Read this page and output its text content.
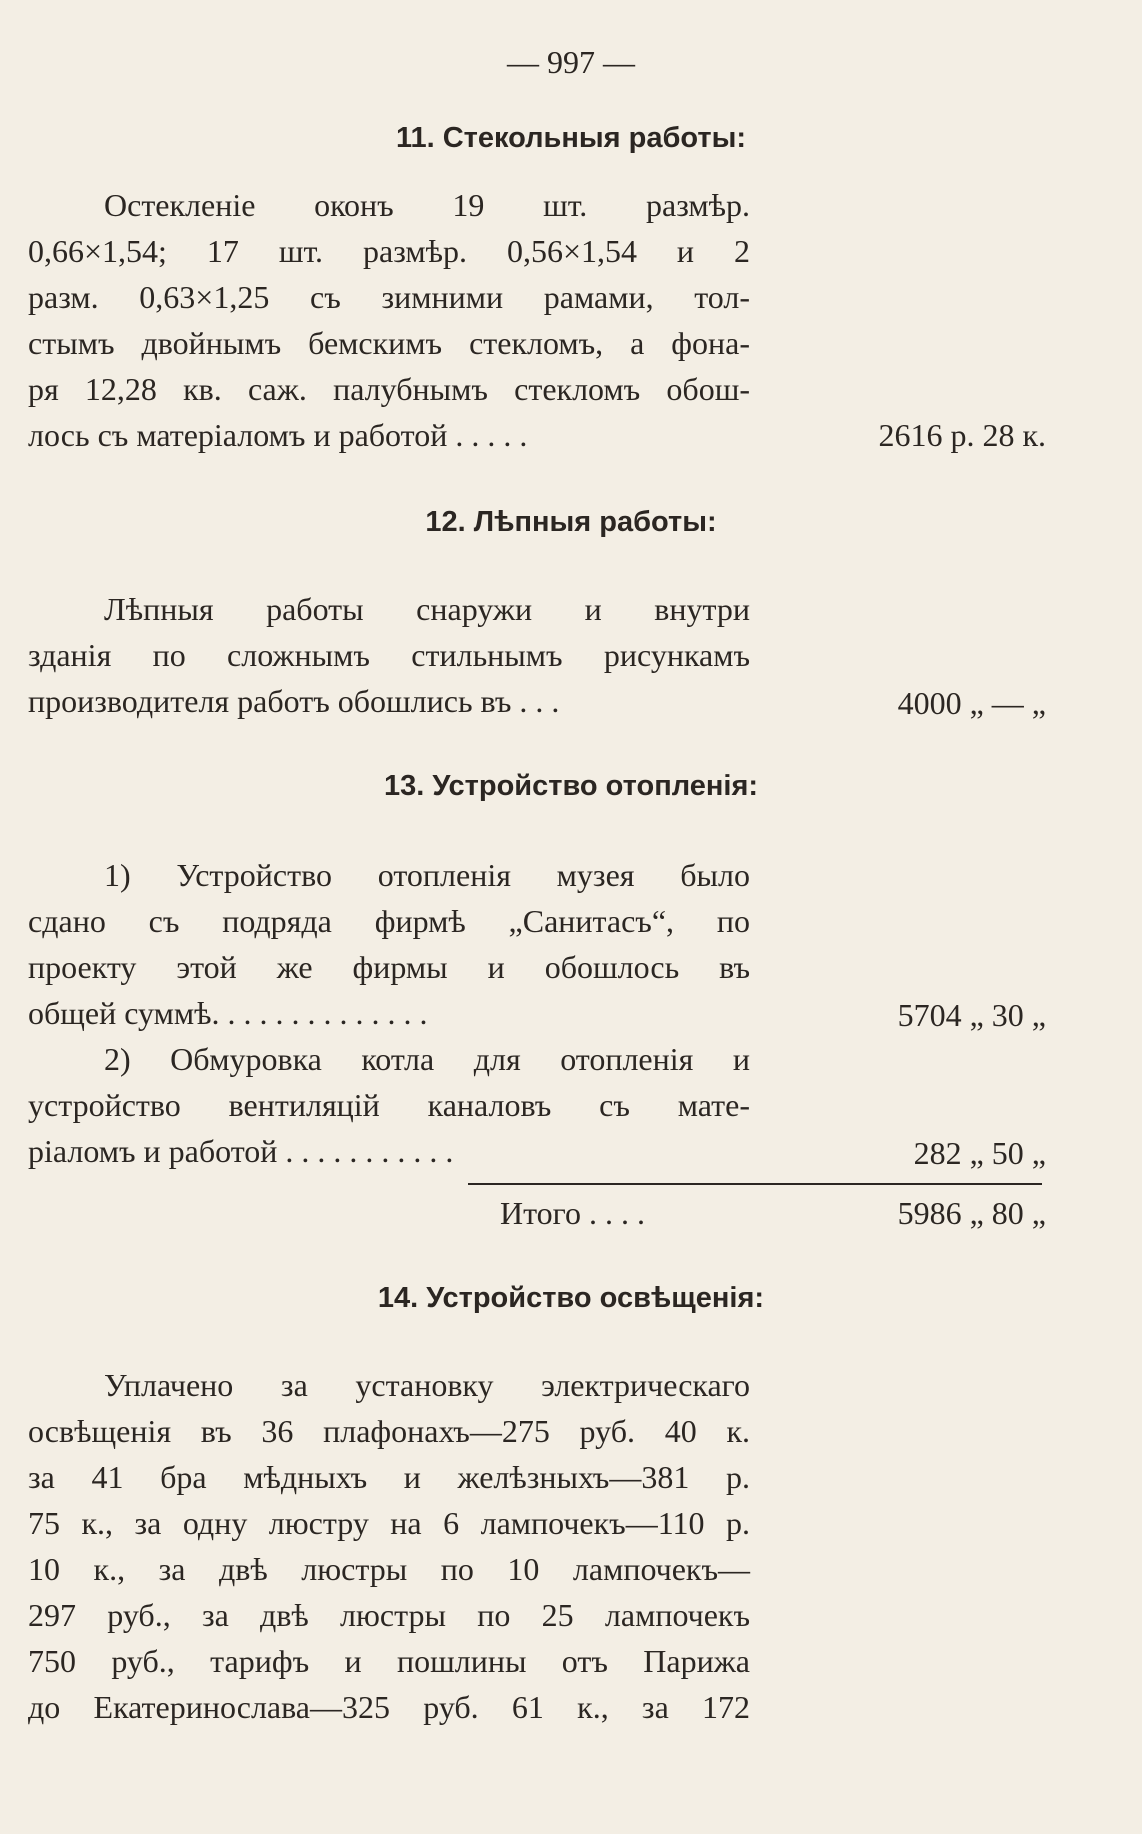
— 997 —
11. Стекольныя работы:
Остекленіе оконъ 19 шт. размѣр.
0,66×1,54; 17 шт. размѣр. 0,56×1,54 и 2
разм. 0,63×1,25 съ зимними рамами, тол-
стымъ двойнымъ бемскимъ стекломъ, а фона-
ря 12,28 кв. саж. палубнымъ стекломъ обош-
лось съ матеріаломъ и работой . . . . .	2616 р. 28 к.
12. Лѣпныя работы:
Лѣпныя работы снаружи и внутри
зданія по сложнымъ стильнымъ рисункамъ
производителя работъ обошлись въ . . .	4000 „ — „
13. Устройство отопленія:
1) Устройство отопленія музея было
сдано съ подряда фирмѣ „Санитасъ“, по
проекту этой же фирмы и обошлось въ
общей суммѣ. . . . . . . . . . . . . .	5704 „ 30 „
2) Обмуровка котла для отопленія и
устройство вентиляцій каналовъ съ мате-
ріаломъ и работой . . . . . . . . . . .	282 „ 50 „
Итого . . . .	5986 „ 80 „
14. Устройство освѣщенія:
Уплачено за установку электрическаго
освѣщенія въ 36 плафонахъ—275 руб. 40 к.
за 41 бра мѣдныхъ и желѣзныхъ—381 р.
75 к., за одну люстру на 6 лампочекъ—110 р.
10 к., за двѣ люстры по 10 лампочекъ—
297 руб., за двѣ люстры по 25 лампочекъ
750 руб., тарифъ и пошлины отъ Парижа
до Екатеринослава—325 руб. 61 к., за 172
